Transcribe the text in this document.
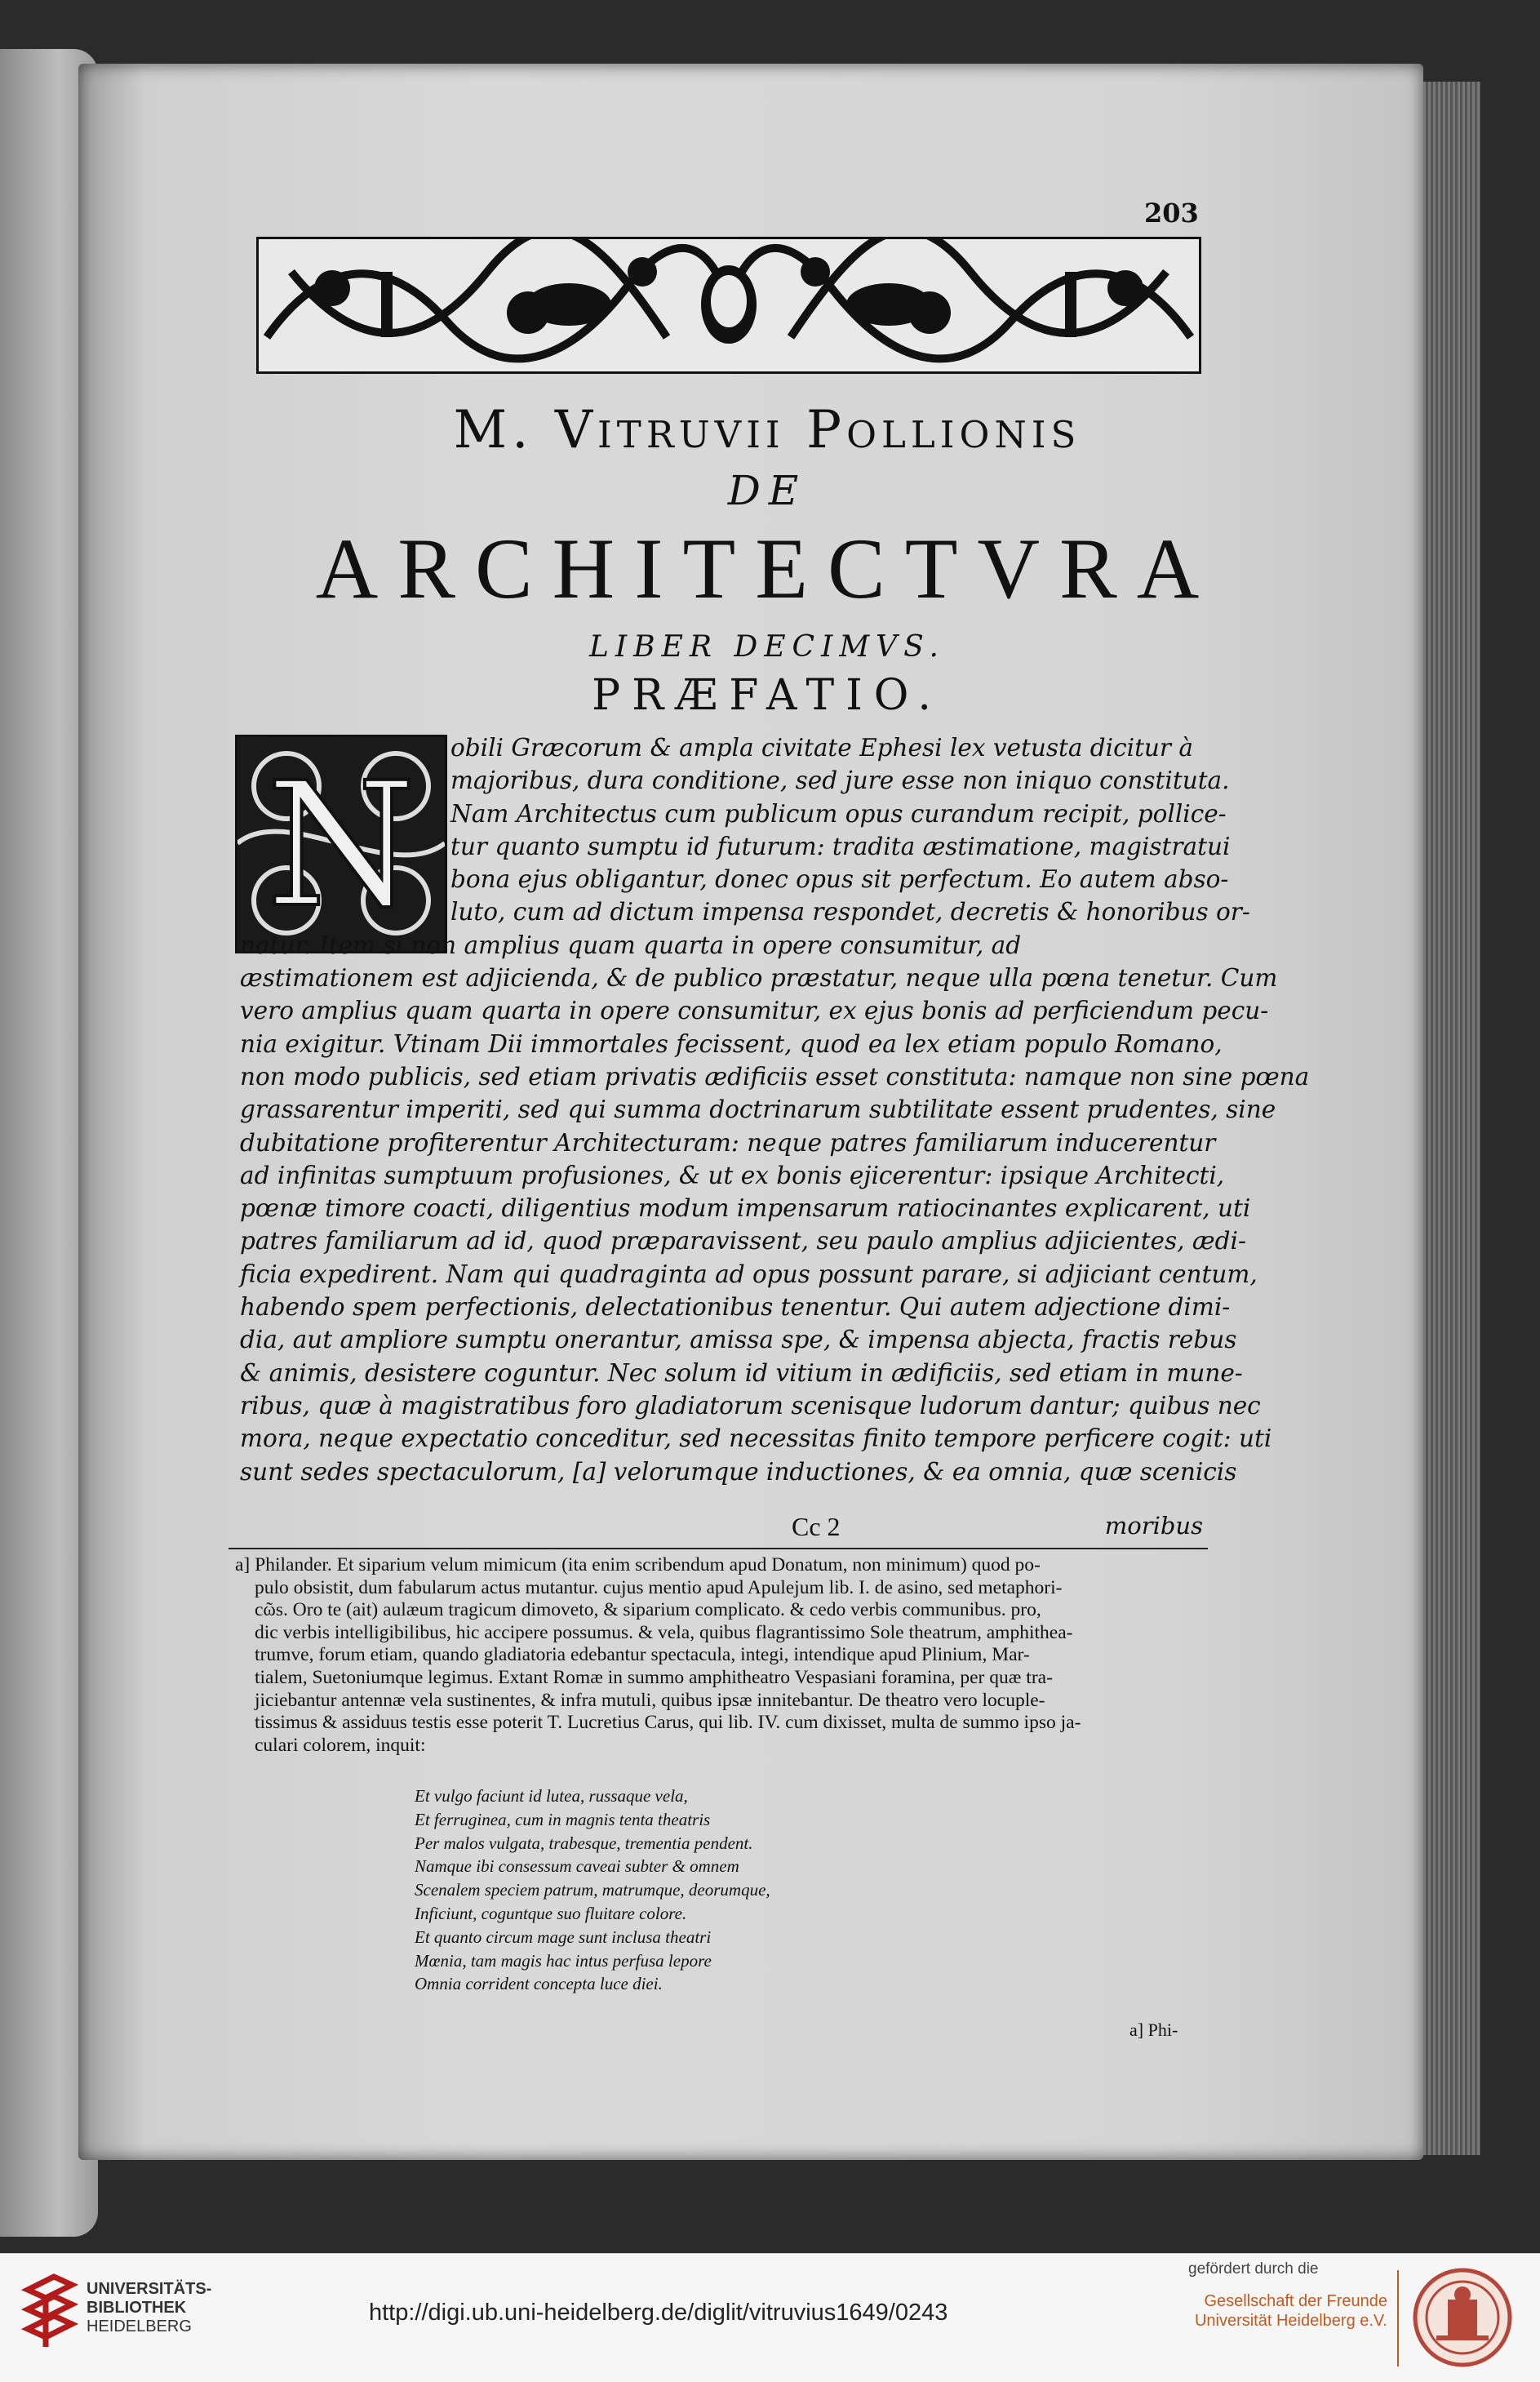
203
M. Vitruvii Pollionis
DE
ARCHITECTVRA
LIBER DECIMVS.
PRÆFATIO.
N	obili Græcorum & ampla civitate Ephesi lex vetusta dicitur à
majoribus, dura conditione, sed jure esse non iniquo constituta.
Nam Architectus cum publicum opus curandum recipit, pollice-
tur quanto sumptu id futurum: tradita æstimatione, magistratui
bona ejus obligantur, donec opus sit perfectum. Eo autem abso-
luto, cum ad dictum impensa respondet, decretis & honoribus or-
natur. Item si non amplius quam quarta in opere consumitur, ad
æstimationem est adjicienda, & de publico præstatur, neque ulla pœna tenetur. Cum
vero amplius quam quarta in opere consumitur, ex ejus bonis ad perficiendum pecu-
nia exigitur. Vtinam Dii immortales fecissent, quod ea lex etiam populo Romano,
non modo publicis, sed etiam privatis ædificiis esset constituta: namque non sine pœna
grassarentur imperiti, sed qui summa doctrinarum subtilitate essent prudentes, sine
dubitatione profiterentur Architecturam: neque patres familiarum inducerentur
ad infinitas sumptuum profusiones, & ut ex bonis ejicerentur: ipsique Architecti,
pœnæ timore coacti, diligentius modum impensarum ratiocinantes explicarent, uti
patres familiarum ad id, quod præparavissent, seu paulo amplius adjicientes, ædi-
ficia expedirent. Nam qui quadraginta ad opus possunt parare, si adjiciant centum,
habendo spem perfectionis, delectationibus tenentur. Qui autem adjectione dimi-
dia, aut ampliore sumptu onerantur, amissa spe, & impensa abjecta, fractis rebus
& animis, desistere coguntur. Nec solum id vitium in ædificiis, sed etiam in mune-
ribus, quæ à magistratibus foro gladiatorum scenisque ludorum dantur; quibus nec
mora, neque expectatio conceditur, sed necessitas finito tempore perficere cogit: uti
sunt sedes spectaculorum, [a] velorumque inductiones, & ea omnia, quæ scenicis
Cc 2	moribus
a] Philander. Et siparium velum mimicum (ita enim scribendum apud Donatum, non minimum) quod po-
pulo obsistit, dum fabularum actus mutantur. cujus mentio apud Apulejum lib. I. de asino, sed metaphori-
cῶs. Oro te (ait) aulæum tragicum dimoveto, & siparium complicato. & cedo verbis communibus. pro,
dic verbis intelligibilibus, hic accipere possumus. & vela, quibus flagrantissimo Sole theatrum, amphithea-
trumve, forum etiam, quando gladiatoria edebantur spectacula, integi, intendique apud Plinium, Mar-
tialem, Suetoniumque legimus. Extant Romæ in summo amphitheatro Vespasiani foramina, per quæ tra-
jiciebantur antennæ vela sustinentes, & infra mutuli, quibus ipsæ innitebantur. De theatro vero locuple-
tissimus & assiduus testis esse poterit T. Lucretius Carus, qui lib. IV. cum dixisset, multa de summo ipso ja-
culari colorem, inquit:
Et vulgo faciunt id lutea, russaque vela,
Et ferruginea, cum in magnis tenta theatris
Per malos vulgata, trabesque, trementia pendent.
Namque ibi consessum caveai subter & omnem
Scenalem speciem patrum, matrumque, deorumque,
Inficiunt, coguntque suo fluitare colore.
Et quanto circum mage sunt inclusa theatri
Mœnia, tam magis hac intus perfusa lepore
Omnia corrident concepta luce diei.
a] Phi-
UNIVERSITÄTS-
BIBLIOTHEK
HEIDELBERG
http://digi.ub.uni-heidelberg.de/diglit/vitruvius1649/0243
gefördert durch die
Gesellschaft der Freunde
Universität Heidelberg e.V.
